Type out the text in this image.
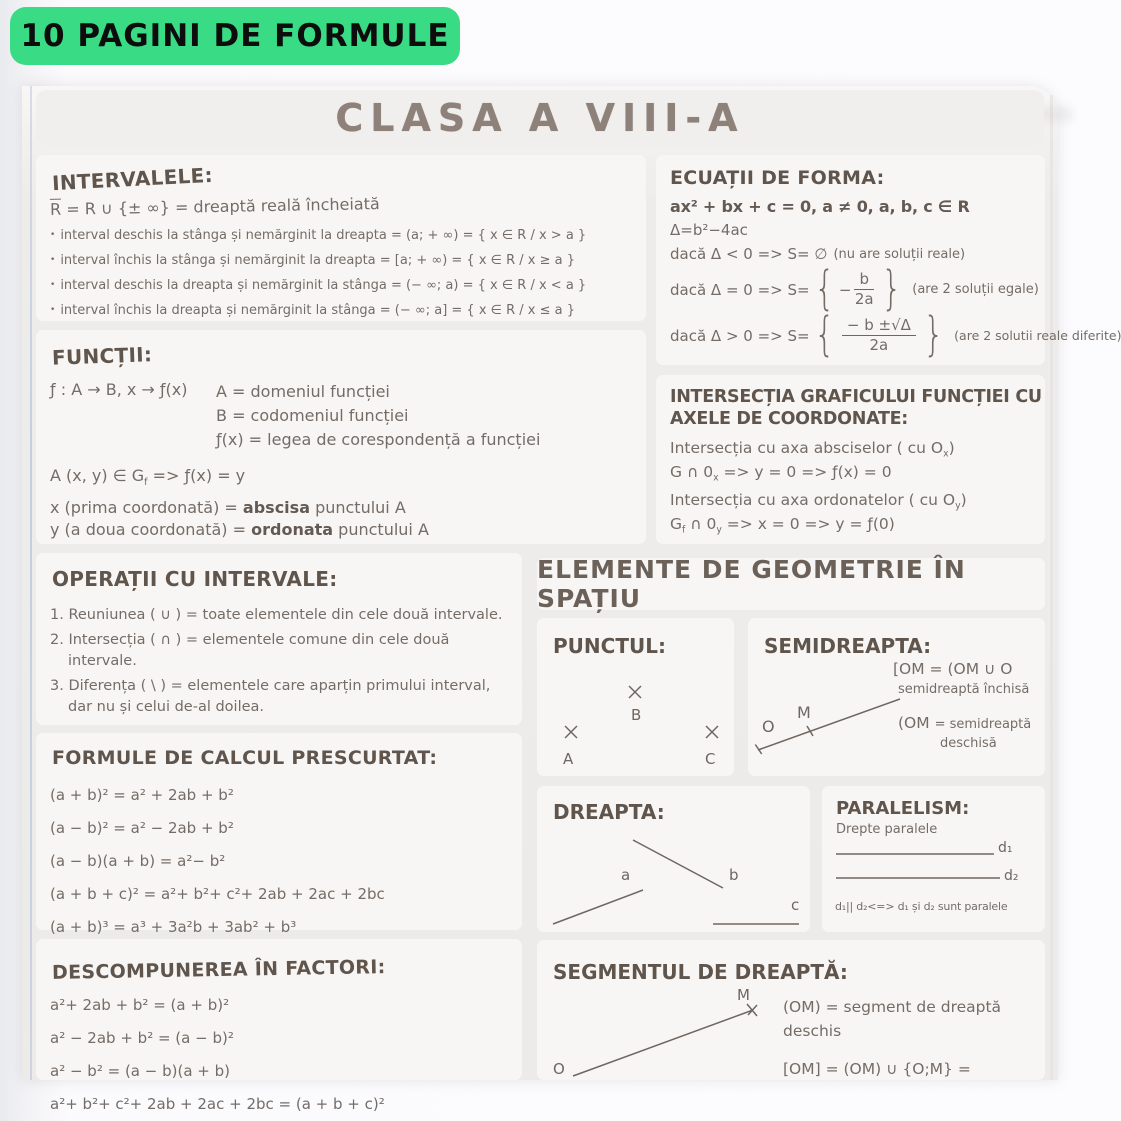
CLASA A VIII-A
10 PAGINI DE FORMULE
INTERVALELE:
$\overline{R} = R$ ∪ {± ∞} = dreaptă reală încheiată
• interval deschis la stânga și nemărginit la dreapta = (a; + ∞) = { x ∈ R / x > a }
• interval închis la stânga și nemărginit la dreapta = [a; + ∞) = { x ∈ R / x ≥ a }
• interval deschis la dreapta și nemărginit la stânga = (− ∞; a) = { x ∈ R / x < a }
• interval închis la dreapta și nemărginit la stânga = (− ∞; a] = { x ∈ R / x ≤ a }
ECUAȚII DE FORMA:
ax² + bx + c = 0, a ≠ 0, a, b, c ∈ R
Δ=b²−4ac
dacă Δ < 0 => S= ∅ (nu are soluții reale)
dacă Δ = 0 => S= { − $\frac{b}{2a}$ } (are 2 soluții egale)
dacă Δ > 0 => S= { $\frac{- b \pm√\Delta}{2a}$ } (are 2 solutii reale diferite)
FUNCȚII:
ƒ : A → B, x → ƒ(x) A = domeniul funcției
B = codomeniul funcției
ƒ(x) = legea de corespondență a funcției
A (x, y) ∈ $G_f$ => ƒ(x) = y
x (prima coordonată) = abscisa punctului A
y (a doua coordonată) = ordonata punctului A
INTERSECȚIA GRAFICULUI FUNCȚIEI CU
AXELE DE COORDONATE:
Intersecția cu axa absciselor ( cu $O_x$)
G ∩ $0_x => y = 0$ => ƒ(x) = 0
Intersecția cu axa ordonatelor ( cu $O_y$)
$G_f$ ∩ $0_y => x = 0 => y$ = ƒ(0)
OPERAȚII CU INTERVALE:
1. Reuniunea ( ∪ ) = toate elementele din cele două intervale.
2. Intersecția ( ∩ ) = elementele comune din cele două intervale.
3. Diferența ( \ ) = elementele care aparțin primului interval, dar nu și celui de-al doilea.
FORMULE DE CALCUL PRESCURTAT:
(a + b)² = a² + 2ab + b²
(a − b)² = a² − 2ab + b²
(a − b)(a + b) = a²− b²
(a + b + c)² = a²+ b²+ c²+ 2ab + 2ac + 2bc
(a + b)³ = a³ + 3a²b + 3ab² + b³
DESCOMPUNEREA ÎN FACTORI:
a²+ 2ab + b² = (a + b)²
a² − 2ab + b² = (a − b)²
a² − b² = (a − b)(a + b)
a²+ b²+ c²+ 2ab + 2ac + 2bc = (a + b + c)²
ELEMENTE DE GEOMETRIE ÎN SPAȚIU
PUNCTUL:
B
A	C
SEMIDREAPTA:
O
M
[OM = (OM ∪ O
semidreaptă închisă
(OM = semidreaptă
deschisă
DREAPTA:
b
a
c
PARALELISM:
Drepte paralele
d₁
d₂
d₁|| d₂<=> d₁ și d₂ sunt paralele
SEGMENTUL DE DREAPTĂ:
M
O
(OM) = segment de dreaptă
deschis
[OM] = (OM) ∪ {O;M} =
